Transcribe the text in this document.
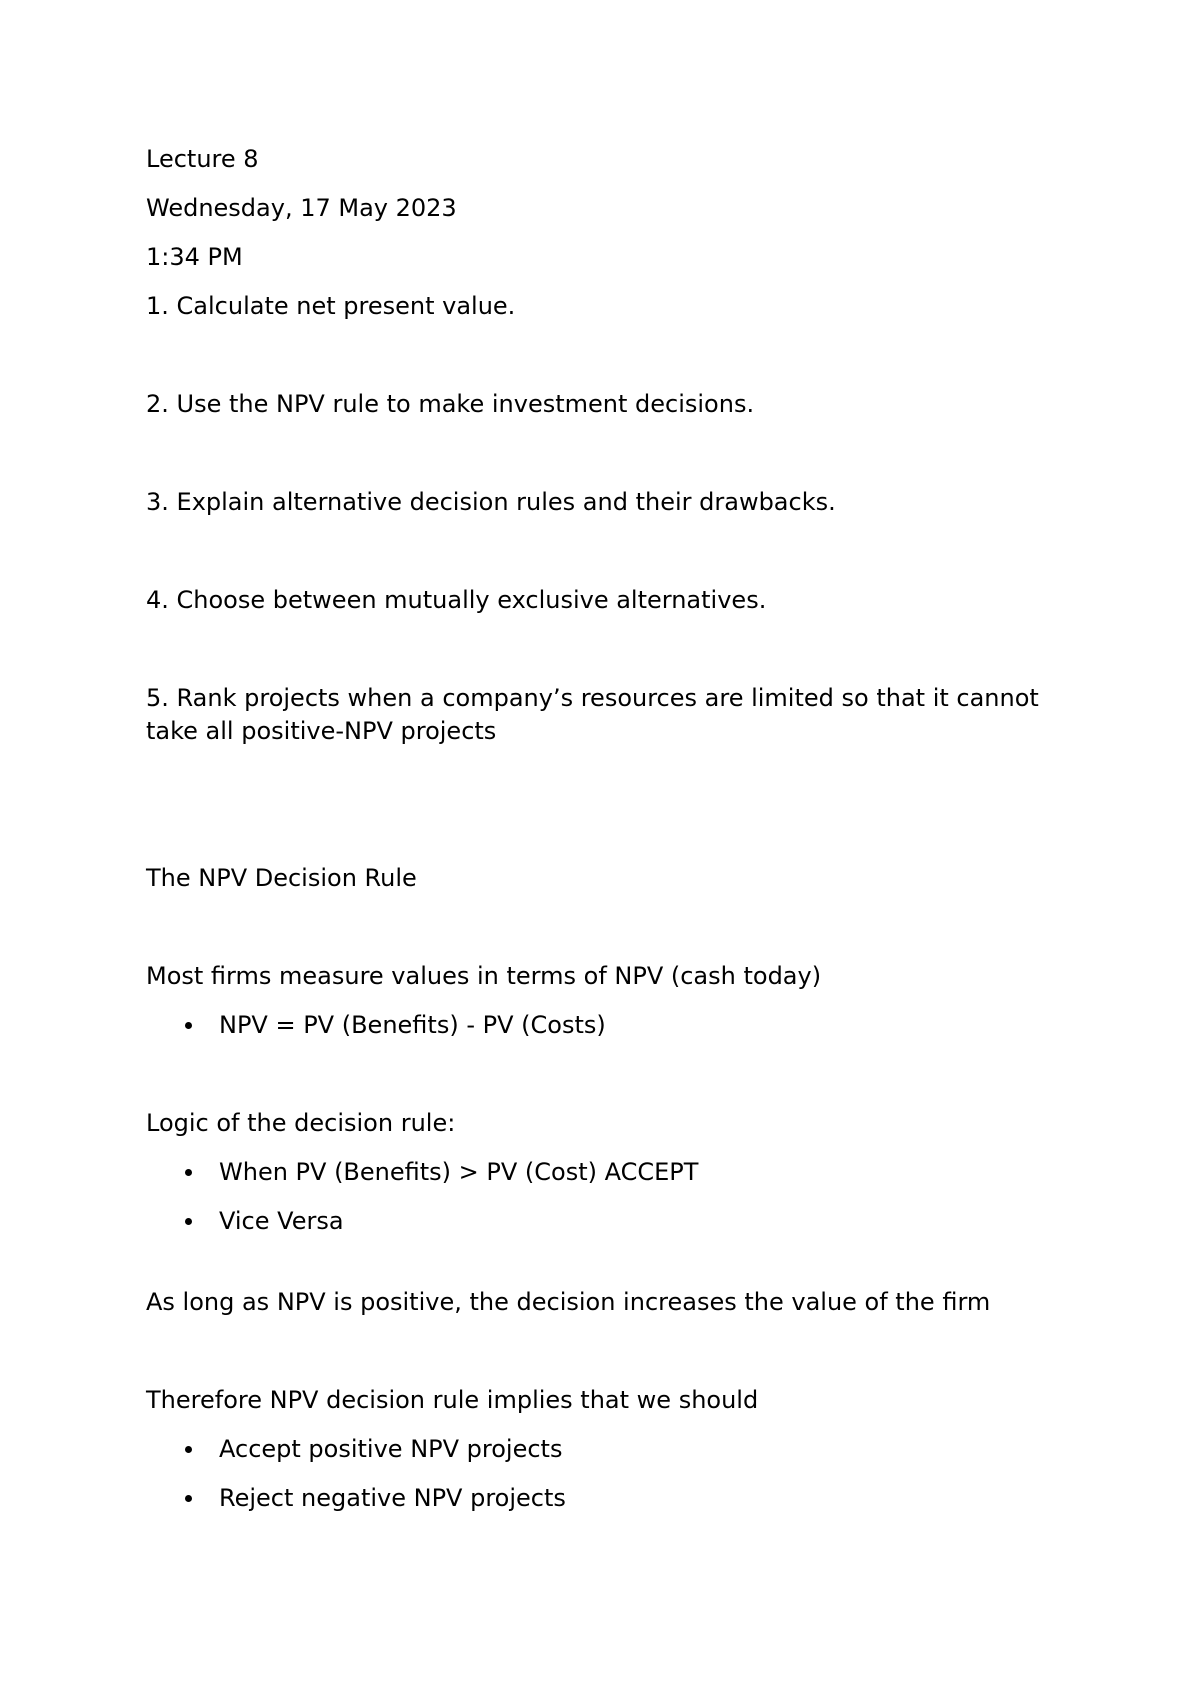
Lecture 8
Wednesday, 17 May 2023
1:34 PM
1. Calculate net present value.
2. Use the NPV rule to make investment decisions.
3. Explain alternative decision rules and their drawbacks.
4. Choose between mutually exclusive alternatives.
5. Rank projects when a company’s resources are limited so that it cannot
take all positive-NPV projects
The NPV Decision Rule
Most firms measure values in terms of NPV (cash today)
NPV = PV (Benefits) - PV (Costs)
Logic of the decision rule:
When PV (Benefits) > PV (Cost) ACCEPT
Vice Versa
As long as NPV is positive, the decision increases the value of the firm
Therefore NPV decision rule implies that we should
Accept positive NPV projects
Reject negative NPV projects
